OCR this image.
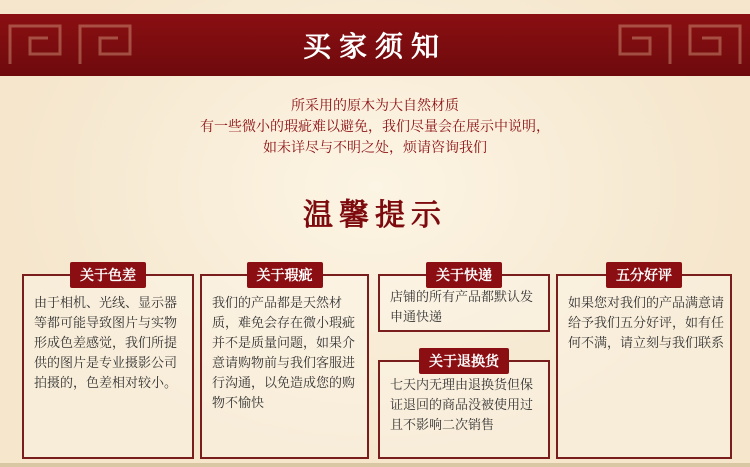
买家须知
所采用的原木为大自然材质
有一些微小的瑕疵难以避免，我们尽量会在展示中说明，
如未详尽与不明之处，烦请咨询我们
温馨提示
关于色差
由于相机、光线、显示器等都可能导致图片与实物形成色差感觉，我们所提供的图片是专业摄影公司拍摄的，色差相对较小。
关于瑕疵
我们的产品都是天然材质，难免会存在微小瑕疵并不是质量问题，如果介意请购物前与我们客服进行沟通，以免造成您的购物不愉快
关于快递
店铺的所有产品都默认发申通快递
关于退换货
七天内无理由退换货但保证退回的商品没被使用过且不影响二次销售
五分好评
如果您对我们的产品满意请给予我们五分好评，如有任何不满，请立刻与我们联系
